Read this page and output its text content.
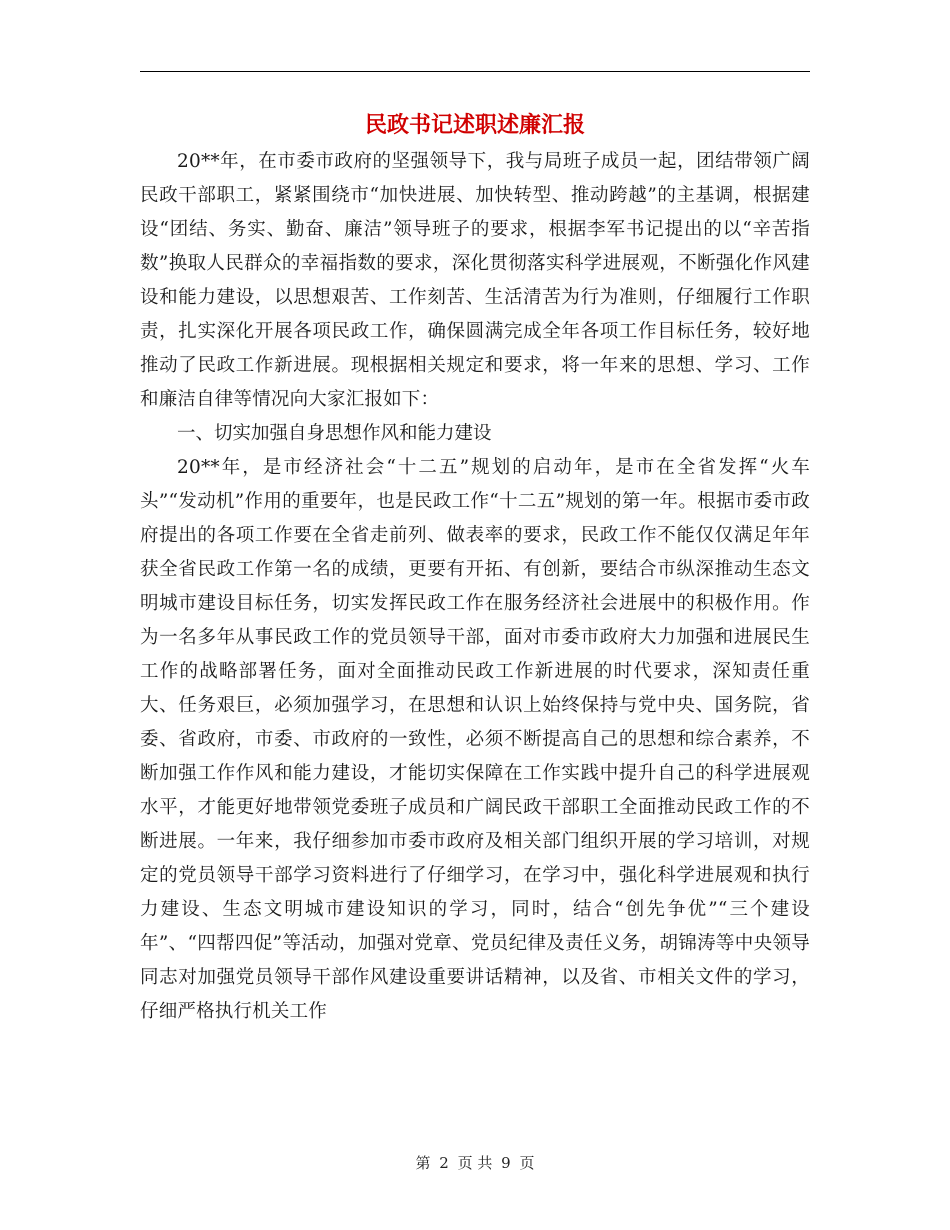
民政书记述职述廉汇报

20**年，在市委市政府的坚强领导下，我与局班子成员一起，团结带领广阔民政干部职工，紧紧围绕市“加快进展、加快转型、推动跨越”的主基调，根据建设“团结、务实、勤奋、廉洁”领导班子的要求，根据李军书记提出的以“辛苦指数”换取人民群众的幸福指数的要求，深化贯彻落实科学进展观，不断强化作风建设和能力建设，以思想艰苦、工作刻苦、生活清苦为行为准则，仔细履行工作职责，扎实深化开展各项民政工作，确保圆满完成全年各项工作目标任务，较好地推动了民政工作新进展。现根据相关规定和要求，将一年来的思想、学习、工作和廉洁自律等情况向大家汇报如下：

一、切实加强自身思想作风和能力建设

20**年，是市经济社会“十二五”规划的启动年，是市在全省发挥“火车头”“发动机”作用的重要年，也是民政工作“十二五”规划的第一年。根据市委市政府提出的各项工作要在全省走前列、做表率的要求，民政工作不能仅仅满足年年获全省民政工作第一名的成绩，更要有开拓、有创新，要结合市纵深推动生态文明城市建设目标任务，切实发挥民政工作在服务经济社会进展中的积极作用。作为一名多年从事民政工作的党员领导干部，面对市委市政府大力加强和进展民生工作的战略部署任务，面对全面推动民政工作新进展的时代要求，深知责任重大、任务艰巨，必须加强学习，在思想和认识上始终保持与党中央、国务院，省委、省政府，市委、市政府的一致性，必须不断提高自己的思想和综合素养，不断加强工作作风和能力建设，才能切实保障在工作实践中提升自己的科学进展观水平，才能更好地带领党委班子成员和广阔民政干部职工全面推动民政工作的不断进展。一年来，我仔细参加市委市政府及相关部门组织开展的学习培训，对规定的党员领导干部学习资料进行了仔细学习，在学习中，强化科学进展观和执行力建设、生态文明城市建设知识的学习，同时，结合“创先争优”“三个建设年”、“四帮四促”等活动，加强对党章、党员纪律及责任义务，胡锦涛等中央领导同志对加强党员领导干部作风建设重要讲话精神，以及省、市相关文件的学习，仔细严格执行机关工作

第 2 页 共 9 页
